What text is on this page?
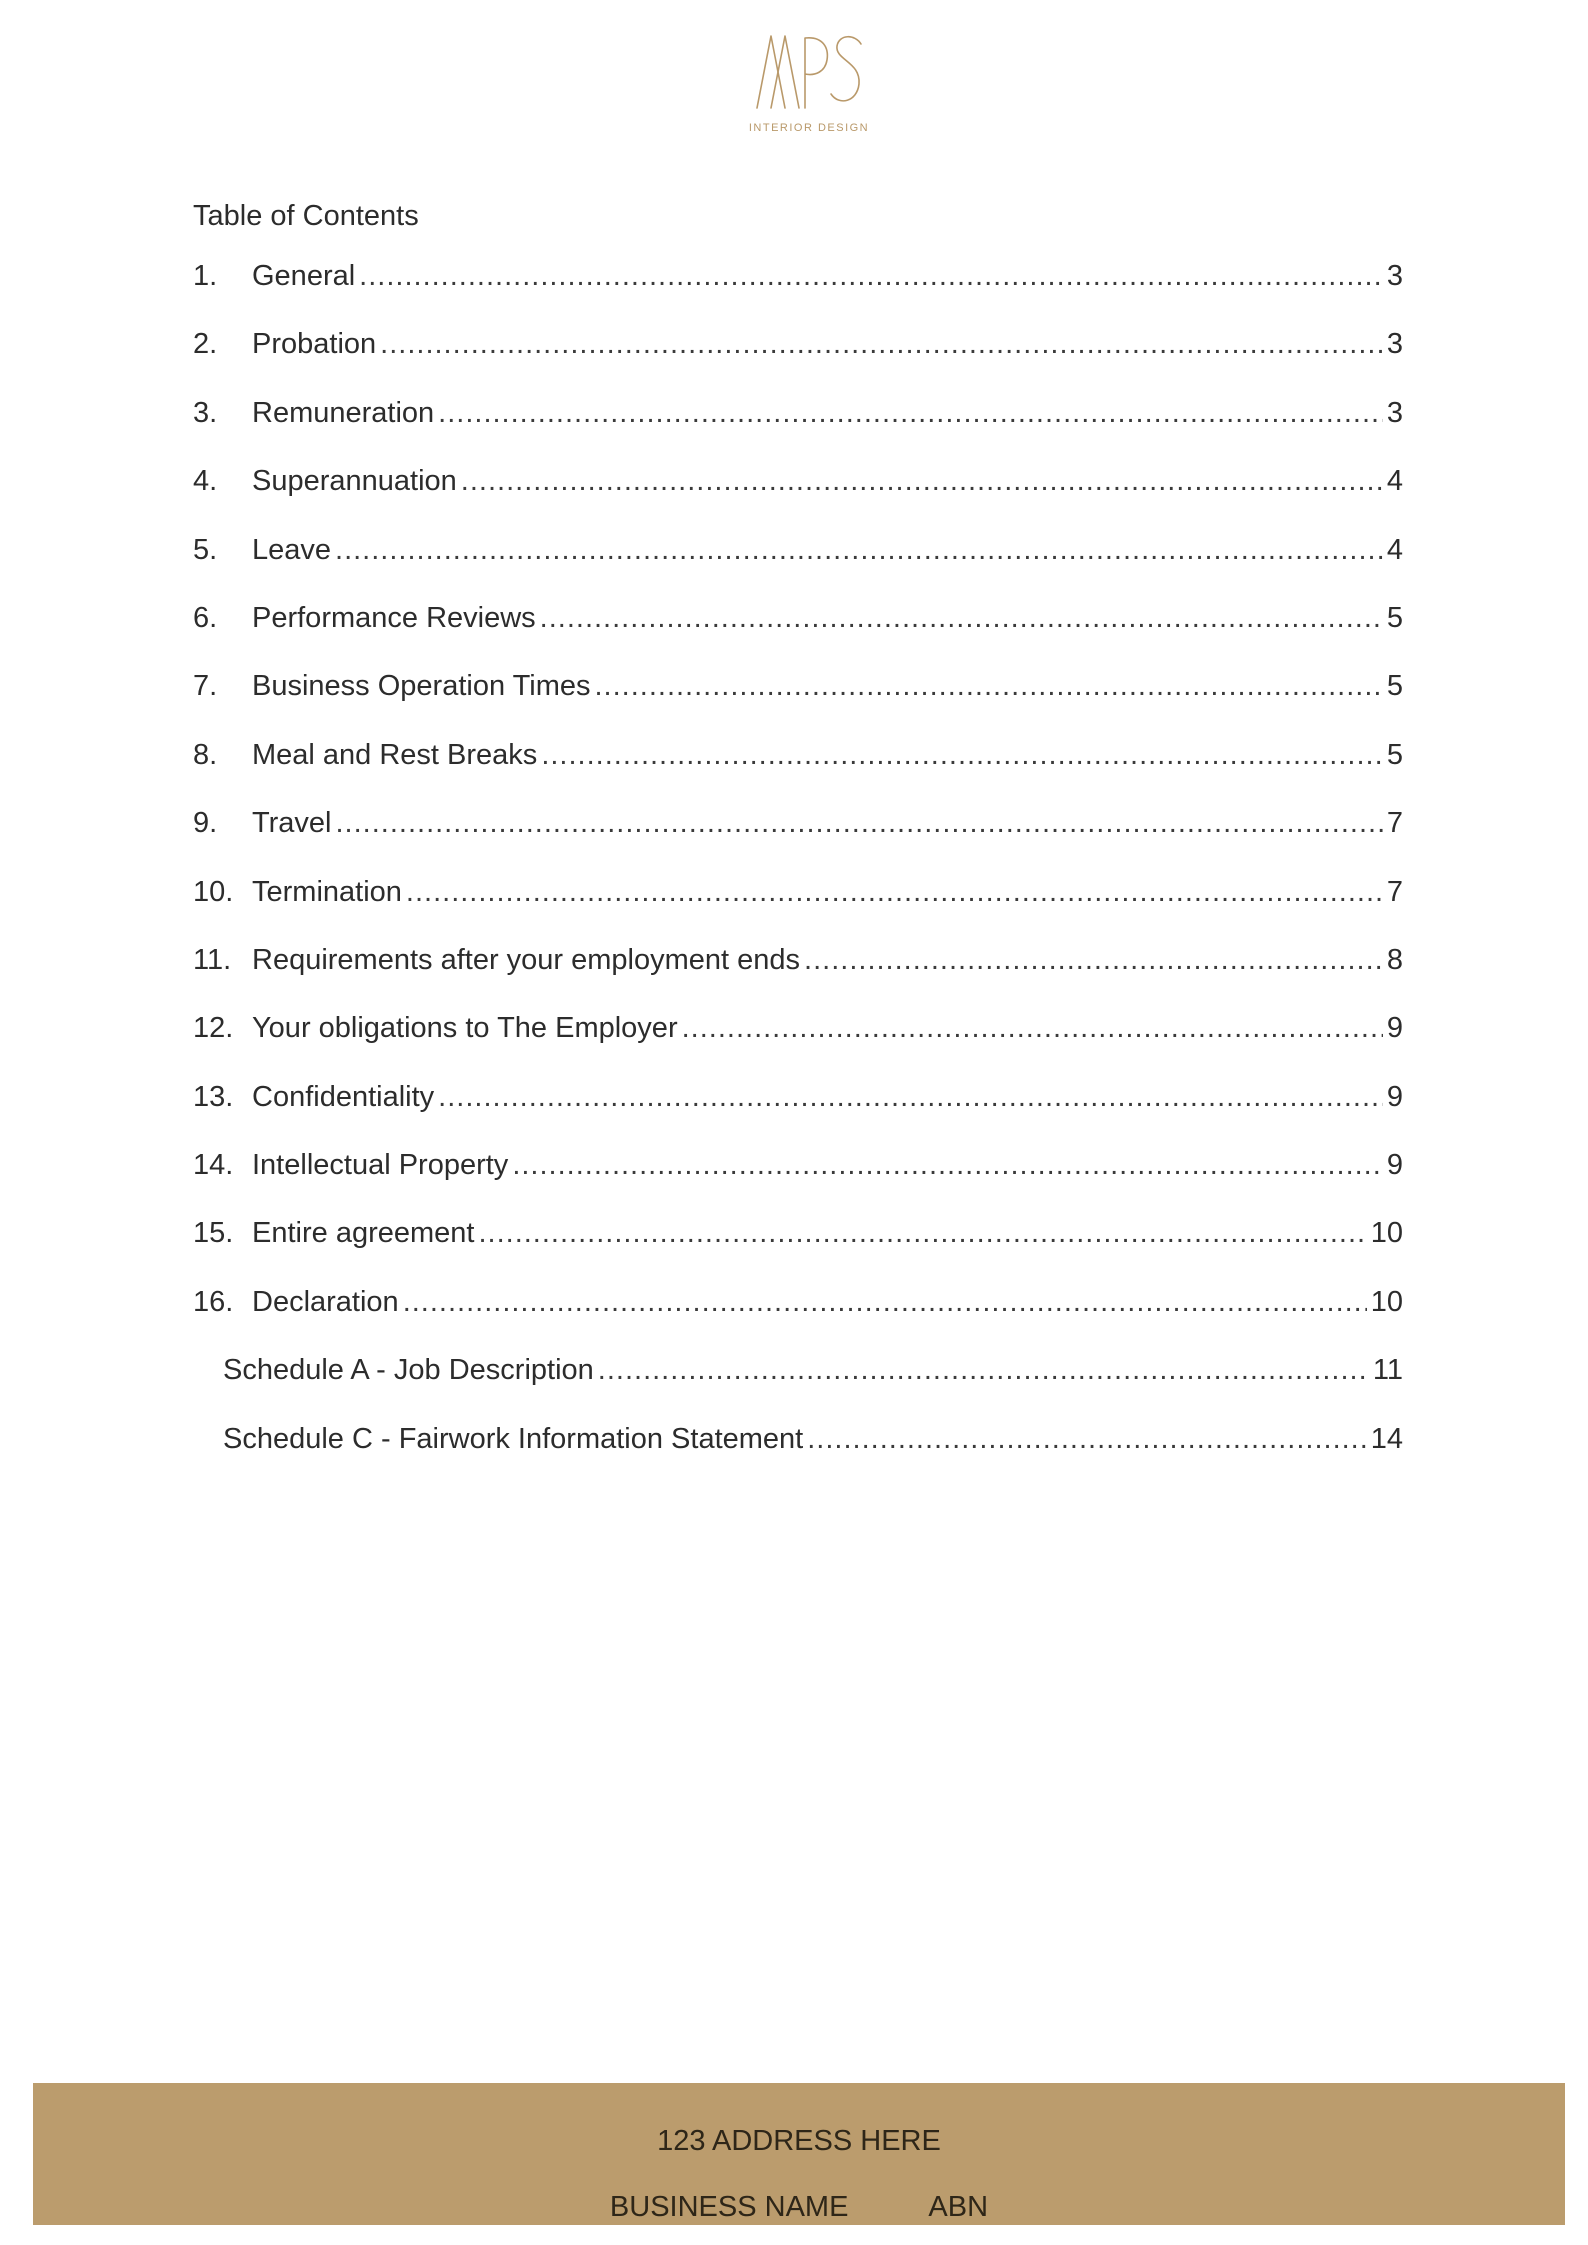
INTERIOR DESIGN
Table of Contents
1.	General .....	3
2.	Probation .....	3
3.	Remuneration .....	3
4.	Superannuation .....	4
5.	Leave .....	4
6.	Performance Reviews .....	5
7.	Business Operation Times .....	5
8.	Meal and Rest Breaks .....	5
9.	Travel .....	7
10. Termination .....	7
11. Requirements after your employment ends .....	8
12. Your obligations to The Employer .....	9
13. Confidentiality .....	9
14. Intellectual Property .....	9
15. Entire agreement .....	10
16. Declaration .....	10
Schedule A - Job Description .....	11
Schedule C - Fairwork Information Statement .....	14
123 ADDRESS HERE
BUSINESS NAME	ABN
